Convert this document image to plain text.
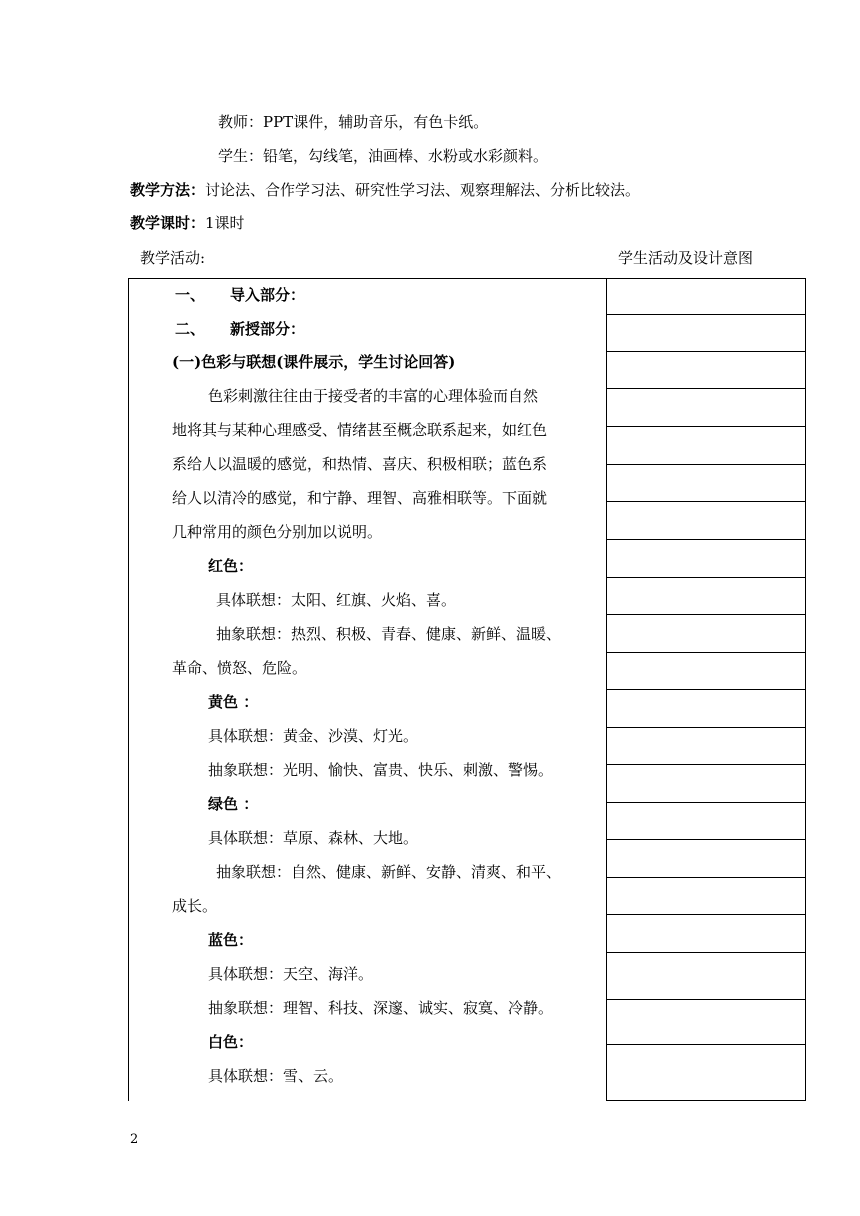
教师：PPT课件，辅助音乐，有色卡纸。
学生：铅笔，勾线笔，油画棒、水粉或水彩颜料。
教学方法：讨论法、合作学习法、研究性学习法、观察理解法、分析比较法。
教学课时：1课时
教学活动:	学生活动及设计意图
一、 导入部分：
二、 新授部分：
(一)色彩与联想(课件展示，学生讨论回答)
色彩刺激往往由于接受者的丰富的心理体验而自然
地将其与某种心理感受、情绪甚至概念联系起来，如红色
系给人以温暖的感觉，和热情、喜庆、积极相联；蓝色系
给人以清冷的感觉，和宁静、理智、高雅相联等。下面就
几种常用的颜色分别加以说明。
红色：
具体联想：太阳、红旗、火焰、喜。
抽象联想：热烈、积极、青春、健康、新鲜、温暖、
革命、愤怒、危险。
黄色 ：
具体联想：黄金、沙漠、灯光。
抽象联想：光明、愉快、富贵、快乐、刺激、警惕。
绿色 ：
具体联想：草原、森林、大地。
抽象联想：自然、健康、新鲜、安静、清爽、和平、
成长。
蓝色：
具体联想：天空、海洋。
抽象联想：理智、科技、深邃、诚实、寂寞、冷静。
白色：
具体联想：雪、云。
2
